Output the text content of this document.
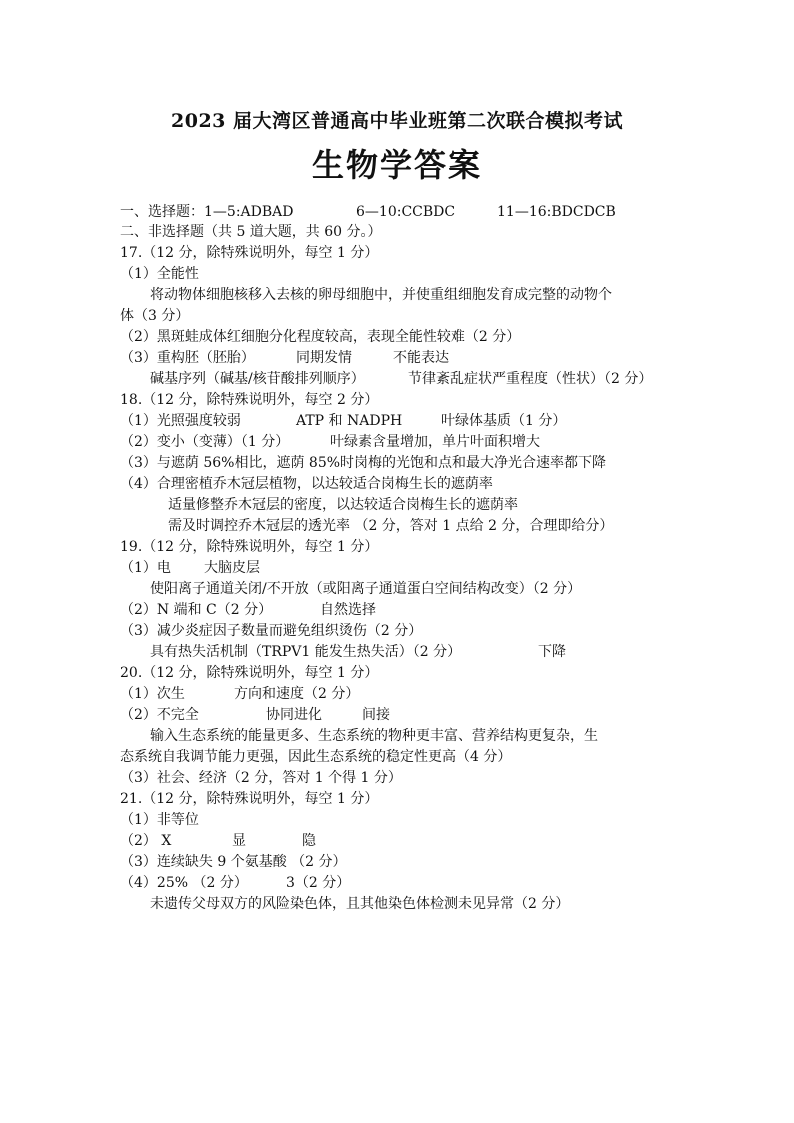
2023 届大湾区普通高中毕业班第二次联合模拟考试
生物学答案
一、选择题：1—5:ADBAD	6—10:CCBDC	11—16:BDCDCB
二、非选择题（共 5 道大题，共 60 分。）
17.（12 分，除特殊说明外，每空 1 分）
（1）全能性
将动物体细胞核移入去核的卵母细胞中，并使重组细胞发育成完整的动物个
体（3 分）
（2）黑斑蛙成体红细胞分化程度较高，表现全能性较难（2 分）
（3）重构胚（胚胎）	同期发情	不能表达
碱基序列（碱基/核苷酸排列顺序）	节律紊乱症状严重程度（性状）（2 分）
18.（12 分，除特殊说明外，每空 2 分）
（1）光照强度较弱	ATP 和 NADPH	叶绿体基质（1 分）
（2）变小（变薄）（1 分）	叶绿素含量增加，单片叶面积增大
（3）与遮荫 56%相比，遮荫 85%时岗梅的光饱和点和最大净光合速率都下降
（4）合理密植乔木冠层植物，以达较适合岗梅生长的遮荫率
适量修整乔木冠层的密度，以达较适合岗梅生长的遮荫率
需及时调控乔木冠层的透光率 （2 分，答对 1 点给 2 分，合理即给分）
19.（12 分，除特殊说明外，每空 1 分）
（1）电 大脑皮层
使阳离子通道关闭/不开放（或阳离子通道蛋白空间结构改变）（2 分）
（2）N 端和 C（2 分）	自然选择
（3）减少炎症因子数量而避免组织烫伤（2 分）
具有热失活机制（TRPV1 能发生热失活）（2 分）	下降
20.（12 分，除特殊说明外，每空 1 分）
（1）次生	方向和速度（2 分）
（2）不完全	协同进化	间接
输入生态系统的能量更多、生态系统的物种更丰富、营养结构更复杂，生
态系统自我调节能力更强，因此生态系统的稳定性更高（4 分）
（3）社会、经济（2 分，答对 1 个得 1 分）
21.（12 分，除特殊说明外，每空 1 分）
（1）非等位
（2） X	显	隐
（3）连续缺失 9 个氨基酸 （2 分）
（4）25% （2 分）	3（2 分）
未遗传父母双方的风险染色体，且其他染色体检测未见异常（2 分）
